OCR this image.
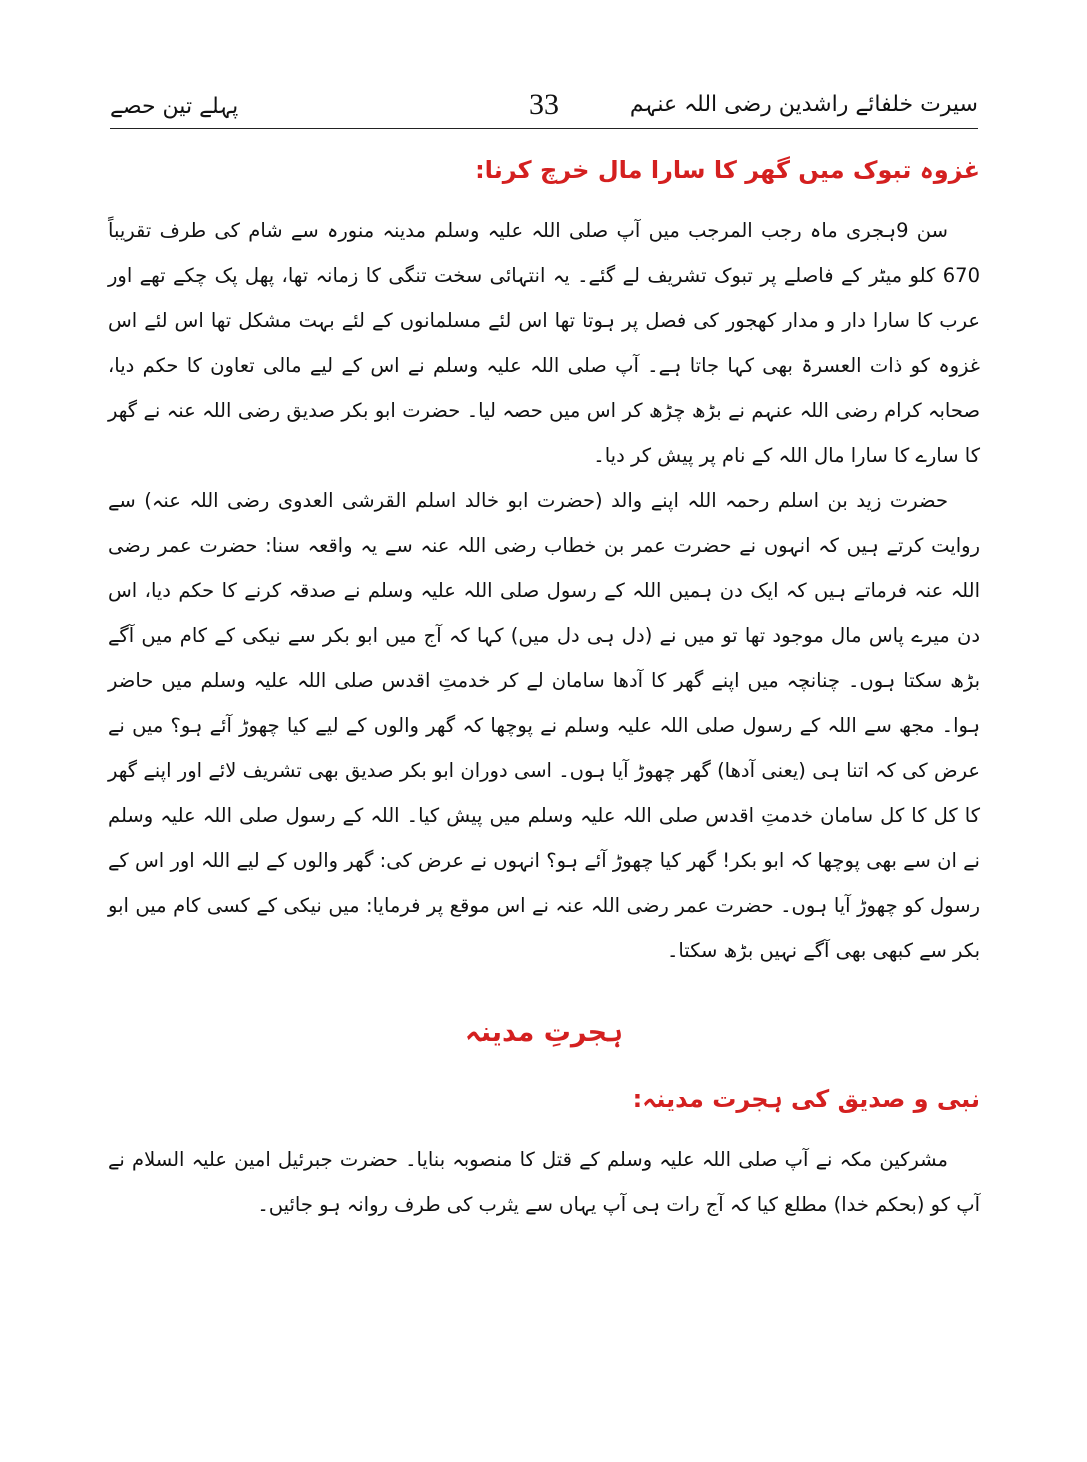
پہلے تین حصے	33	سیرت خلفائے راشدین رضی اللہ عنہم
غزوہ تبوک میں گھر کا سارا مال خرچ کرنا:

سن 9ہجری ماہ رجب المرجب میں آپ صلی اللہ علیہ وسلم مدینہ منورہ سے شام کی طرف تقریباً 670 کلو میٹر کے فاصلے پر تبوک تشریف لے گئے۔ یہ انتہائی سخت تنگی کا زمانہ تھا، پھل پک چکے تھے اور عرب کا سارا دار و مدار کھجور کی فصل پر ہوتا تھا اس لئے مسلمانوں کے لئے بہت مشکل تھا اس لئے اس غزوہ کو ذات العسرۃ بھی کہا جاتا ہے۔ آپ صلی اللہ علیہ وسلم نے اس کے لیے مالی تعاون کا حکم دیا، صحابہ کرام رضی اللہ عنہم نے بڑھ چڑھ کر اس میں حصہ لیا۔ حضرت ابو بکر صدیق رضی اللہ عنہ نے گھر کا سارے کا سارا مال اللہ کے نام پر پیش کر دیا۔

حضرت زید بن اسلم رحمہ اللہ اپنے والد (حضرت ابو خالد اسلم القرشی العدوی رضی اللہ عنہ) سے روایت کرتے ہیں کہ انہوں نے حضرت عمر بن خطاب رضی اللہ عنہ سے یہ واقعہ سنا: حضرت عمر رضی اللہ عنہ فرماتے ہیں کہ ایک دن ہمیں اللہ کے رسول صلی اللہ علیہ وسلم نے صدقہ کرنے کا حکم دیا، اس دن میرے پاس مال موجود تھا تو میں نے (دل ہی دل میں) کہا کہ آج میں ابو بکر سے نیکی کے کام میں آگے بڑھ سکتا ہوں۔ چنانچہ میں اپنے گھر کا آدھا سامان لے کر خدمتِ اقدس صلی اللہ علیہ وسلم میں حاضر ہوا۔ مجھ سے اللہ کے رسول صلی اللہ علیہ وسلم نے پوچھا کہ گھر والوں کے لیے کیا چھوڑ آئے ہو؟ میں نے عرض کی کہ اتنا ہی (یعنی آدھا) گھر چھوڑ آیا ہوں۔ اسی دوران ابو بکر صدیق بھی تشریف لائے اور اپنے گھر کا کل کا کل سامان خدمتِ اقدس صلی اللہ علیہ وسلم میں پیش کیا۔ اللہ کے رسول صلی اللہ علیہ وسلم نے ان سے بھی پوچھا کہ ابو بکر! گھر کیا چھوڑ آئے ہو؟ انہوں نے عرض کی: گھر والوں کے لیے اللہ اور اس کے رسول کو چھوڑ آیا ہوں۔ حضرت عمر رضی اللہ عنہ نے اس موقع پر فرمایا: میں نیکی کے کسی کام میں ابو بکر سے کبھی بھی آگے نہیں بڑھ سکتا۔

ہجرتِ مدینہ
نبی و صدیق کی ہجرت مدینہ:

مشرکین مکہ نے آپ صلی اللہ علیہ وسلم کے قتل کا منصوبہ بنایا۔ حضرت جبرئیل امین علیہ السلام نے آپ کو (بحکم خدا) مطلع کیا کہ آج رات ہی آپ یہاں سے یثرب کی طرف روانہ ہو جائیں۔
